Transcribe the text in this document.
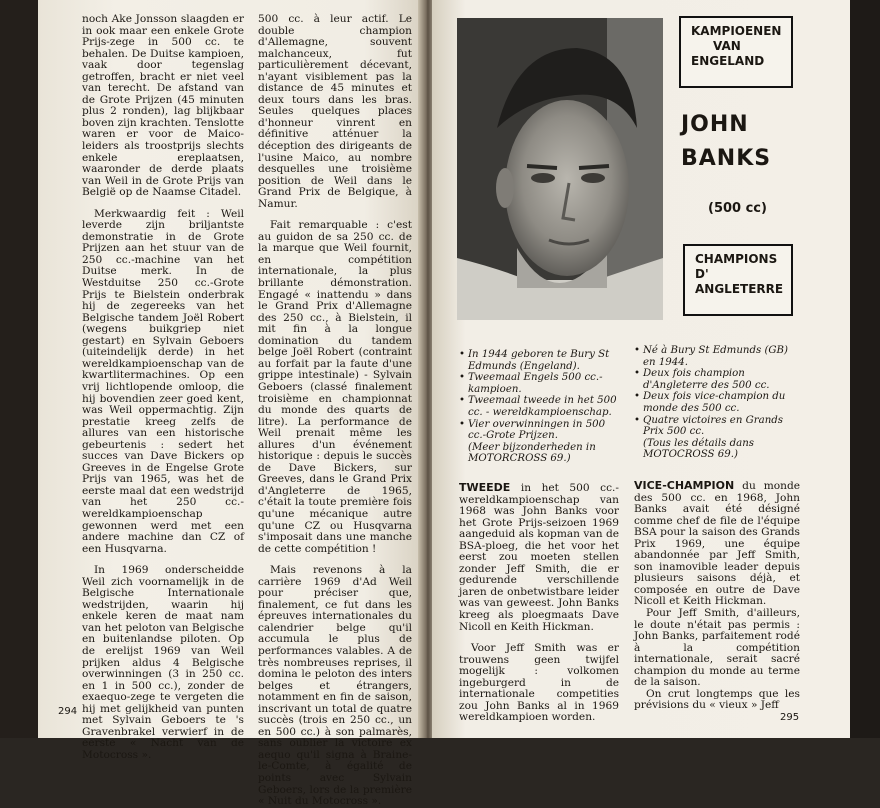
noch Ake Jonsson slaagden er in ook maar een enkele Grote Prijs-zege in 500 cc. te behalen. De Duitse kampioen, vaak door tegenslag getroffen, bracht er niet veel van terecht. De afstand van de Grote Prijzen (45 minuten plus 2 ronden), lag blijkbaar boven zijn krachten. Tenslotte waren er voor de Maico-leiders als troostprijs slechts enkele ereplaatsen, waaronder de derde plaats van Weil in de Grote Prijs van België op de Naamse Citadel.

Merkwaardig feit : Weil leverde zijn briljantste demonstratie in de Grote Prijzen aan het stuur van de 250 cc.-machine van het Duitse merk. In de Westduitse 250 cc.-Grote Prijs te Bielstein onderbrak hij de zegereeks van het Belgische tandem Joël Robert (wegens buikgriep niet gestart) en Sylvain Geboers (uiteindelijk derde) in het wereldkampioenschap van de kwartlitermachines. Op een vrij lichtlopende omloop, die hij bovendien zeer goed kent, was Weil oppermachtig. Zijn prestatie kreeg zelfs de allures van een historische gebeurtenis : sedert het succes van Dave Bickers op Greeves in de Engelse Grote Prijs van 1965, was het de eerste maal dat een wedstrijd van het 250 cc.-wereldkampioenschap gewonnen werd met een andere machine dan CZ of een Husqvarna.

In 1969 onderscheidde Weil zich voornamelijk in de Belgische Internationale wedstrijden, waarin hij enkele keren de maat nam van het peloton van Belgische en buitenlandse piloten. Op de erelijst 1969 van Weil prijken aldus 4 Belgische overwinningen (3 in 250 cc. en 1 in 500 cc.), zonder de exaequo-zege te vergeten die hij met gelijkheid van punten met Sylvain Geboers te 's Gravenbrakel verwierf in de eerste « Nacht van de Motocross ».

500 cc. à leur actif. Le double champion d'Allemagne, souvent malchanceux, fut particulièrement décevant, n'ayant visiblement pas la distance de 45 minutes et deux tours dans les bras. Seules quelques places d'honneur vinrent en définitive atténuer la déception des dirigeants de l'usine Maico, au nombre desquelles une troisième position de Weil dans le Grand Prix de Belgique, à Namur.

Fait remarquable : c'est au guidon de sa 250 cc. de la marque que Weil fournit, en compétition internationale, la plus brillante démonstration. Engagé « inattendu » dans le Grand Prix d'Allemagne des 250 cc., à Bielstein, il mit fin à la longue domination du tandem belge Joël Robert (contraint au forfait par la faute d'une grippe intestinale) - Sylvain Geboers (classé finalement troisième en championnat du monde des quarts de litre). La performance de Weil prenait même les allures d'un événement historique : depuis le succès de Dave Bickers, sur Greeves, dans le Grand Prix d'Angleterre de 1965, c'était la toute première fois qu'une mécanique autre qu'une CZ ou Husqvarna s'imposait dans une manche de cette compétition !

Mais revenons à la carrière 1969 d'Ad Weil pour préciser que, finalement, ce fut dans les épreuves internationales du calendrier belge qu'il accumula le plus de performances valables. A de très nombreuses reprises, il domina le peloton des inters belges et étrangers, notamment en fin de saison, inscrivant un total de quatre succès (trois en 250 cc., un en 500 cc.) à son palmarès, sans oublier la victoire ex aequo qu'il signa à Braine-le-Comte, à égalité de points avec Sylvain Geboers, lors de la première « Nuit du Motocross ».

294
KAMPIOENEN
VAN
ENGELAND
JOHN
BANKS
(500 cc)
CHAMPIONS
D'
ANGLETERRE
• In 1944 geboren te Bury St Edmunds (Engeland).
• Tweemaal Engels 500 cc.-kampioen.
• Tweemaal tweede in het 500 cc. - wereldkampioenschap.
• Vier overwinningen in 500 cc.-Grote Prijzen.
(Meer bijzonderheden in MOTORCROSS 69.)
• Né à Bury St Edmunds (GB) en 1944.
• Deux fois champion d'Angleterre des 500 cc.
• Deux fois vice-champion du monde des 500 cc.
• Quatre victoires en Grands Prix 500 cc.
(Tous les détails dans MOTOCROSS 69.)

TWEEDE in het 500 cc.-wereldkampioenschap van 1968 was John Banks voor het Grote Prijs-seizoen 1969 aangeduid als kopman van de BSA-ploeg, die het voor het eerst zou moeten stellen zonder Jeff Smith, die er gedurende verschillende jaren de onbetwistbare leider was van geweest. John Banks kreeg als ploegmaats Dave Nicoll en Keith Hickman.

Voor Jeff Smith was er trouwens geen twijfel mogelijk : volkomen ingeburgerd in de internationale competities zou John Banks al in 1969 wereldkampioen worden.

VICE-CHAMPION du monde des 500 cc. en 1968, John Banks avait été désigné comme chef de file de l'équipe BSA pour la saison des Grands Prix 1969, une équipe abandonnée par Jeff Smith, son inamovible leader depuis plusieurs saisons déjà, et composée en outre de Dave Nicoll et Keith Hickman.

Pour Jeff Smith, d'ailleurs, le doute n'était pas permis : John Banks, parfaitement rodé à la compétition internationale, serait sacré champion du monde au terme de la saison.

On crut longtemps que les prévisions du « vieux » Jeff

295
